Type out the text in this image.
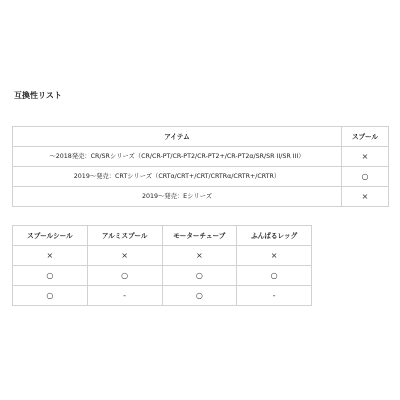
互換性リスト
アイテム	スプール
～2018発売：CR/SRシリーズ（CR/CR-PT/CR-PT2/CR-PT2+/CR-PT2α/SR/SR II/SR III）	×
2019～発売：CRTシリーズ（CRTα/CRT+/CRT/CRTRα/CRTR+/CRTR）	○
2019～発売：Eシリーズ	×
スプールシール	アルミスプール	モーターチューブ	ふんばるレッグ
×	×	×	×
○	○	○	○
○	-	○	-
